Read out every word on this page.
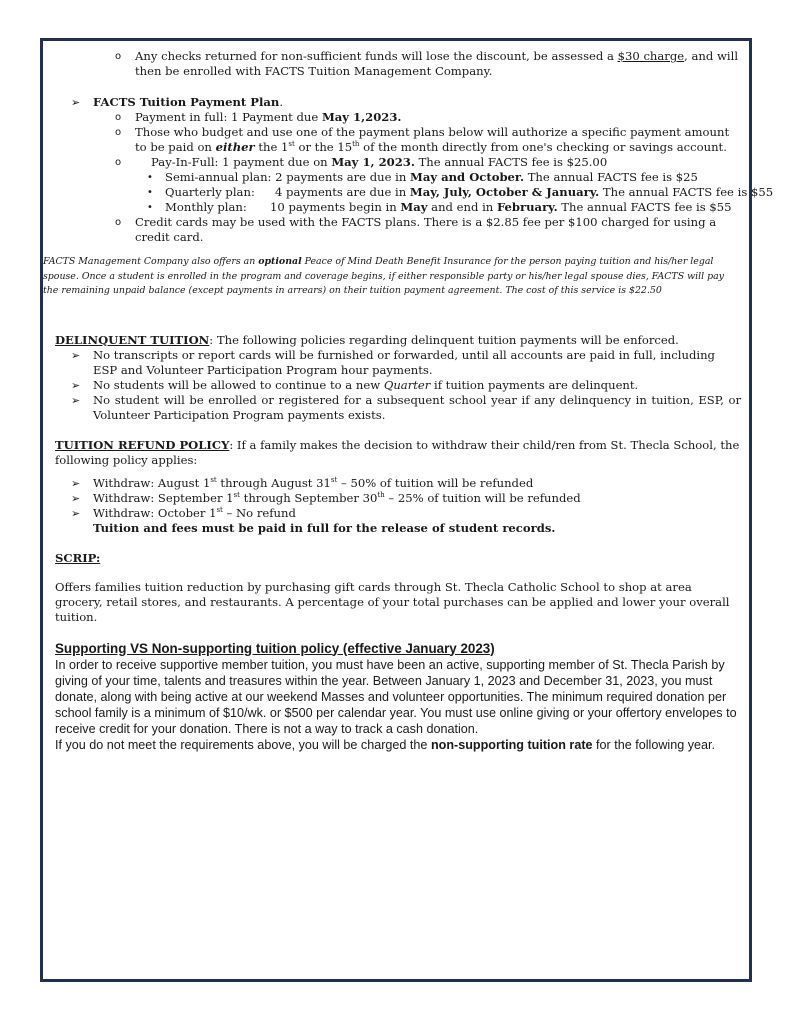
o Any checks returned for non-sufficient funds will lose the discount, be assessed a $30 charge, and will then be enrolled with FACTS Tuition Management Company.
➢ FACTS Tuition Payment Plan.
o Payment in full: 1 Payment due May 1,2023.
o Those who budget and use one of the payment plans below will authorize a specific payment amount to be paid on either the 1st or the 15th of the month directly from one's checking or savings account.
o	Pay-In-Full: 1 payment due on May 1, 2023. The annual FACTS fee is $25.00
• Semi-annual plan: 2 payments are due in May and October. The annual FACTS fee is $25
• Quarterly plan: 4 payments are due in May, July, October & January. The annual FACTS fee is $55
• Monthly plan: 10 payments begin in May and end in February. The annual FACTS fee is $55
o Credit cards may be used with the FACTS plans. There is a $2.85 fee per $100 charged for using a credit card.
FACTS Management Company also offers an optional Peace of Mind Death Benefit Insurance for the person paying tuition and his/her legal spouse. Once a student is enrolled in the program and coverage begins, if either responsible party or his/her legal spouse dies, FACTS will pay the remaining unpaid balance (except payments in arrears) on their tuition payment agreement. The cost of this service is $22.50
DELINQUENT TUITION: The following policies regarding delinquent tuition payments will be enforced.
➢ No transcripts or report cards will be furnished or forwarded, until all accounts are paid in full, including ESP and Volunteer Participation Program hour payments.
➢ No students will be allowed to continue to a new Quarter if tuition payments are delinquent.
➢ No student will be enrolled or registered for a subsequent school year if any delinquency in tuition, ESP, or Volunteer Participation Program payments exists.
TUITION REFUND POLICY: If a family makes the decision to withdraw their child/ren from St. Thecla School, the following policy applies:
➢ Withdraw: August 1st through August 31st – 50% of tuition will be refunded
➢ Withdraw: September 1st through September 30th – 25% of tuition will be refunded
➢ Withdraw: October 1st – No refund
Tuition and fees must be paid in full for the release of student records.
SCRIP:
Offers families tuition reduction by purchasing gift cards through St. Thecla Catholic School to shop at area grocery, retail stores, and restaurants. A percentage of your total purchases can be applied and lower your overall tuition.
Supporting VS Non-supporting tuition policy (effective January 2023)
In order to receive supportive member tuition, you must have been an active, supporting member of St. Thecla Parish by giving of your time, talents and treasures within the year. Between January 1, 2023 and December 31, 2023, you must donate, along with being active at our weekend Masses and volunteer opportunities. The minimum required donation per school family is a minimum of $10/wk. or $500 per calendar year. You must use online giving or your offertory envelopes to receive credit for your donation. There is not a way to track a cash donation.
If you do not meet the requirements above, you will be charged the non-supporting tuition rate for the following year.
